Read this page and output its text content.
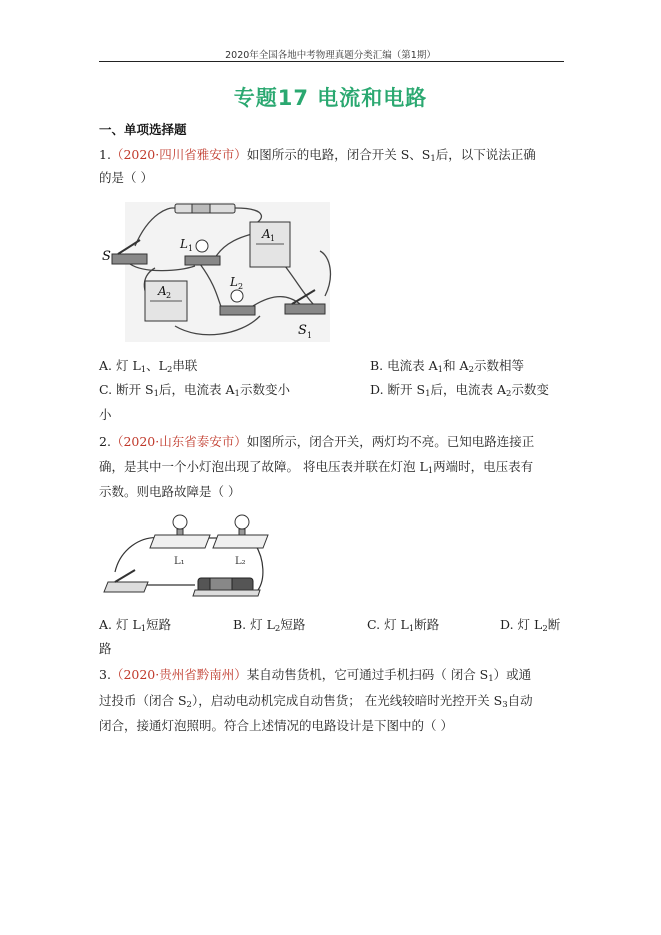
2020年全国各地中考物理真题分类汇编（第1期）
专题17 电流和电路
一、单项选择题
1.（2020·四川省雅安市）如图所示的电路，闭合开关 S、$S_1$后，以下说法正确
的是（ ）
S
L 1
L 2
A 1
A 2
S 1
A. 灯 $L_1$、$L_2$串联	B. 电流表 $A_1$和 $A_2$示数相等
C. 断开 $S_1$后，电流表 $A_1$示数变小	D. 断开 $S_1$后，电流表 $A_2$示数变
小
2.（2020·山东省泰安市）如图所示，闭合开关，两灯均不亮。已知电路连接正
确，是其中一个小灯泡出现了故障。 将电压表并联在灯泡 $L_1$两端时，电压表有
示数。则电路故障是（ ）
L₁	L₂
A. 灯 $L_1$短路	B. 灯 $L_2$短路	C. 灯 $L_1$断路	D. 灯 $L_2$断
路
3.（2020·贵州省黔南州）某自动售货机，它可通过手机扫码（ 闭合 $S_1$）或通
过投币（闭合 $S_2$），启动电动机完成自动售货； 在光线较暗时光控开关 $S_3$自动
闭合，接通灯泡照明。符合上述情况的电路设计是下图中的（ ）
